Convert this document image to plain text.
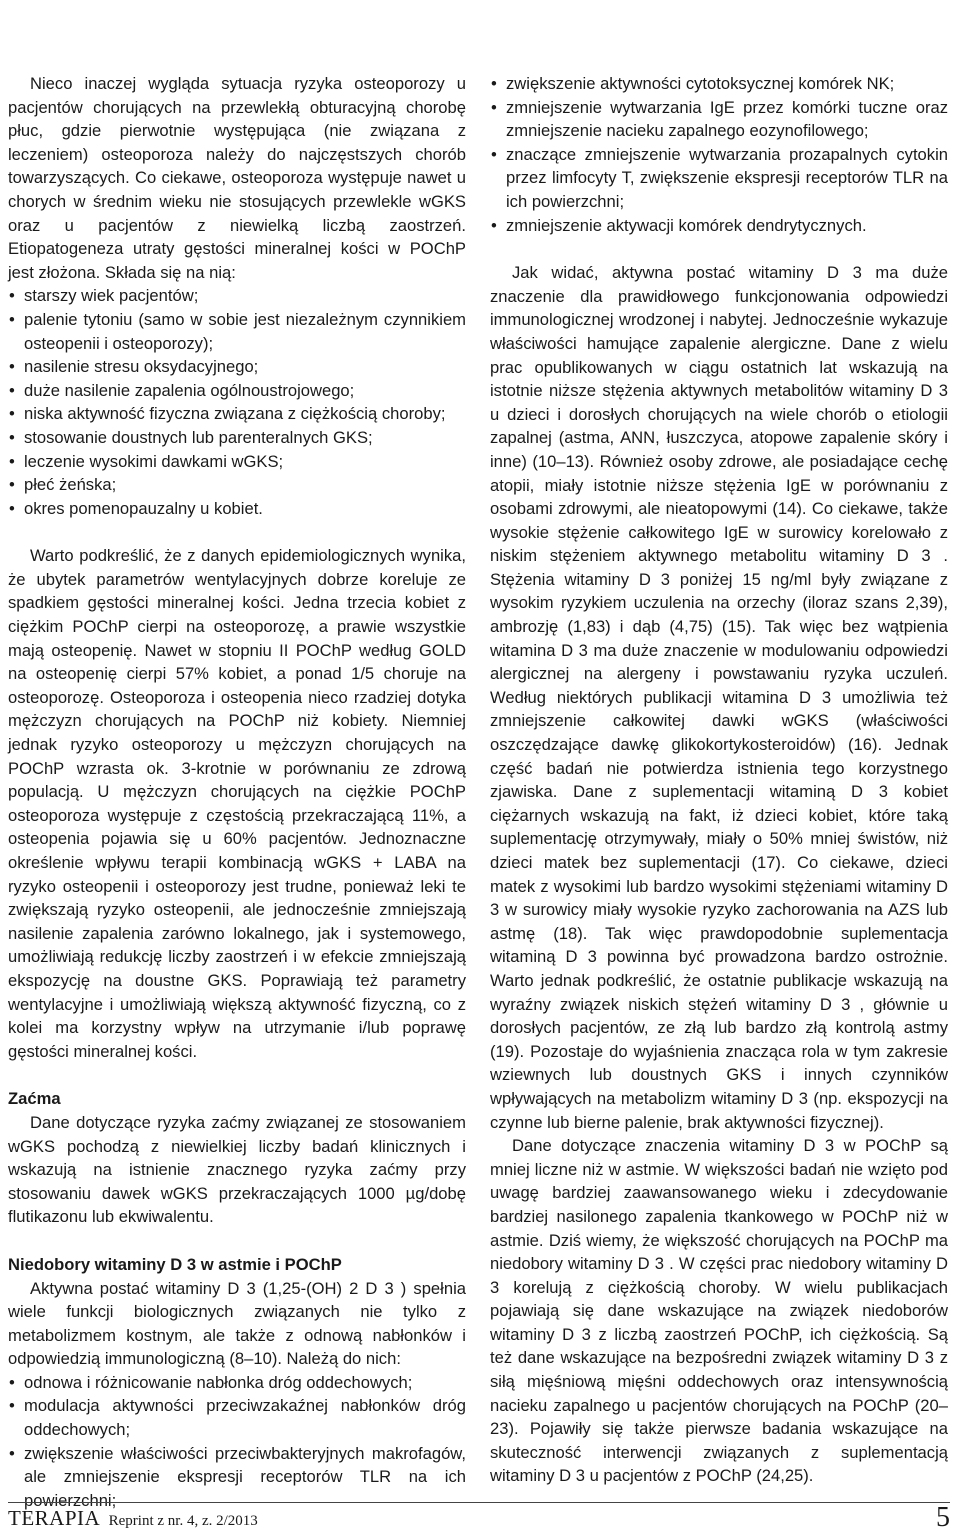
Nieco inaczej wygląda sytuacja ryzyka osteoporozy u pacjentów chorujących na przewlekłą obturacyjną chorobę płuc, gdzie pierwotnie występująca (nie związana z leczeniem) osteoporoza należy do najczęstszych chorób towarzyszących. Co ciekawe, osteoporoza występuje nawet u chorych w średnim wieku nie stosujących przewlekle wGKS oraz u pacjentów z niewielką liczbą zaostrzeń. Etiopatogeneza utraty gęstości mineralnej kości w POChP jest złożona. Składa się na nią:

• starszy wiek pacjentów;
• palenie tytoniu (samo w sobie jest niezależnym czynnikiem osteopenii i osteoporozy);
• nasilenie stresu oksydacyjnego;
• duże nasilenie zapalenia ogólnoustrojowego;
• niska aktywność fizyczna związana z ciężkością choroby;
• stosowanie doustnych lub parenteralnych GKS;
• leczenie wysokimi dawkami wGKS;
• płeć żeńska;
• okres pomenopauzalny u kobiet.

Warto podkreślić, że z danych epidemiologicznych wynika, że ubytek parametrów wentylacyjnych dobrze koreluje ze spadkiem gęstości mineralnej kości. Jedna trzecia kobiet z ciężkim POChP cierpi na osteoporozę, a prawie wszystkie mają osteopenię. Nawet w stopniu II POChP według GOLD na osteopenię cierpi 57% kobiet, a ponad 1/5 choruje na osteoporozę. Osteoporoza i osteopenia nieco rzadziej dotyka mężczyzn chorujących na POChP niż kobiety. Niemniej jednak ryzyko osteoporozy u mężczyzn chorujących na POChP wzrasta ok. 3-krotnie w porównaniu ze zdrową populacją. U mężczyzn chorujących na ciężkie POChP osteoporoza występuje z częstością przekraczającą 11%, a osteopenia pojawia się u 60% pacjentów. Jednoznaczne określenie wpływu terapii kombinacją wGKS + LABA na ryzyko osteopenii i osteoporozy jest trudne, ponieważ leki te zwiększają ryzyko osteopenii, ale jednocześnie zmniejszają nasilenie zapalenia zarówno lokalnego, jak i systemowego, umożliwiają redukcję liczby zaostrzeń i w efekcie zmniejszają ekspozycję na doustne GKS. Poprawiają też parametry wentylacyjne i umożliwiają większą aktywność fizyczną, co z kolei ma korzystny wpływ na utrzymanie i/lub poprawę gęstości mineralnej kości.

Zaćma

Dane dotyczące ryzyka zaćmy związanej ze stosowaniem wGKS pochodzą z niewielkiej liczby badań klinicznych i wskazują na istnienie znacznego ryzyka zaćmy przy stosowaniu dawek wGKS przekraczających 1000 µg/dobę flutikazonu lub ekwiwalentu.

Niedobory witaminy D 3 w astmie i POChP

Aktywna postać witaminy D 3 (1,25-(OH) 2 D 3 ) spełnia wiele funkcji biologicznych związanych nie tylko z metabolizmem kostnym, ale także z odnową nabłonków i odpowiedzią immunologiczną (8–10). Należą do nich:

• odnowa i różnicowanie nabłonka dróg oddechowych;
• modulacja aktywności przeciwzakaźnej nabłonków dróg oddechowych;
• zwiększenie właściwości przeciwbakteryjnych makrofagów, ale zmniejszenie ekspresji receptorów TLR na ich powierzchni;
• zwiększenie aktywności cytotoksycznej komórek NK;
• zmniejszenie wytwarzania IgE przez komórki tuczne oraz zmniejszenie nacieku zapalnego eozynofilowego;
• znaczące zmniejszenie wytwarzania prozapalnych cytokin przez limfocyty T, zwiększenie ekspresji receptorów TLR na ich powierzchni;
• zmniejszenie aktywacji komórek dendrytycznych.

Jak widać, aktywna postać witaminy D 3 ma duże znaczenie dla prawidłowego funkcjonowania odpowiedzi immunologicznej wrodzonej i nabytej. Jednocześnie wykazuje właściwości hamujące zapalenie alergiczne. Dane z wielu prac opublikowanych w ciągu ostatnich lat wskazują na istotnie niższe stężenia aktywnych metabolitów witaminy D 3 u dzieci i dorosłych chorujących na wiele chorób o etiologii zapalnej (astma, ANN, łuszczyca, atopowe zapalenie skóry i inne) (10–13). Również osoby zdrowe, ale posiadające cechę atopii, miały istotnie niższe stężenia IgE w porównaniu z osobami zdrowymi, ale nieatopowymi (14). Co ciekawe, także wysokie stężenie całkowitego IgE w surowicy korelowało z niskim stężeniem aktywnego metabolitu witaminy D 3 . Stężenia witaminy D 3 poniżej 15 ng/ml były związane z wysokim ryzykiem uczulenia na orzechy (iloraz szans 2,39), ambrozję (1,83) i dąb (4,75) (15). Tak więc bez wątpienia witamina D 3 ma duże znaczenie w modulowaniu odpowiedzi alergicznej na alergeny i powstawaniu ryzyka uczuleń. Według niektórych publikacji witamina D 3 umożliwia też zmniejszenie całkowitej dawki wGKS (właściwości oszczędzające dawkę glikokortykosteroidów) (16). Jednak część badań nie potwierdza istnienia tego korzystnego zjawiska. Dane z suplementacji witaminą D 3 kobiet ciężarnych wskazują na fakt, iż dzieci kobiet, które taką suplementację otrzymywały, miały o 50% mniej świstów, niż dzieci matek bez suplementacji (17). Co ciekawe, dzieci matek z wysokimi lub bardzo wysokimi stężeniami witaminy D 3 w surowicy miały wysokie ryzyko zachorowania na AZS lub astmę (18). Tak więc prawdopodobnie suplementacja witaminą D 3 powinna być prowadzona bardzo ostrożnie. Warto jednak podkreślić, że ostatnie publikacje wskazują na wyraźny związek niskich stężeń witaminy D 3 , głównie u dorosłych pacjentów, ze złą lub bardzo złą kontrolą astmy (19). Pozostaje do wyjaśnienia znacząca rola w tym zakresie wziewnych lub doustnych GKS i innych czynników wpływających na metabolizm witaminy D 3 (np. ekspozycji na czynne lub bierne palenie, brak aktywności fizycznej).

Dane dotyczące znaczenia witaminy D 3 w POChP są mniej liczne niż w astmie. W większości badań nie wzięto pod uwagę bardziej zaawansowanego wieku i zdecydowanie bardziej nasilonego zapalenia tkankowego w POChP niż w astmie. Dziś wiemy, że większość chorujących na POChP ma niedobory witaminy D 3 . W części prac niedobory witaminy D 3 korelują z ciężkością choroby. W wielu publikacjach pojawiają się dane wskazujące na związek niedoborów witaminy D 3 z liczbą zaostrzeń POChP, ich ciężkością. Są też dane wskazujące na bezpośredni związek witaminy D 3 z siłą mięśniową mięśni oddechowych oraz intensywnością nacieku zapalnego u pacjentów chorujących na POChP (20–23). Pojawiły się także pierwsze badania wskazujące na skuteczność interwencji związanych z suplementacją witaminy D 3 u pacjentów z POChP (24,25).

TERAPIA Reprint z nr. 4, z. 2/2013	5
